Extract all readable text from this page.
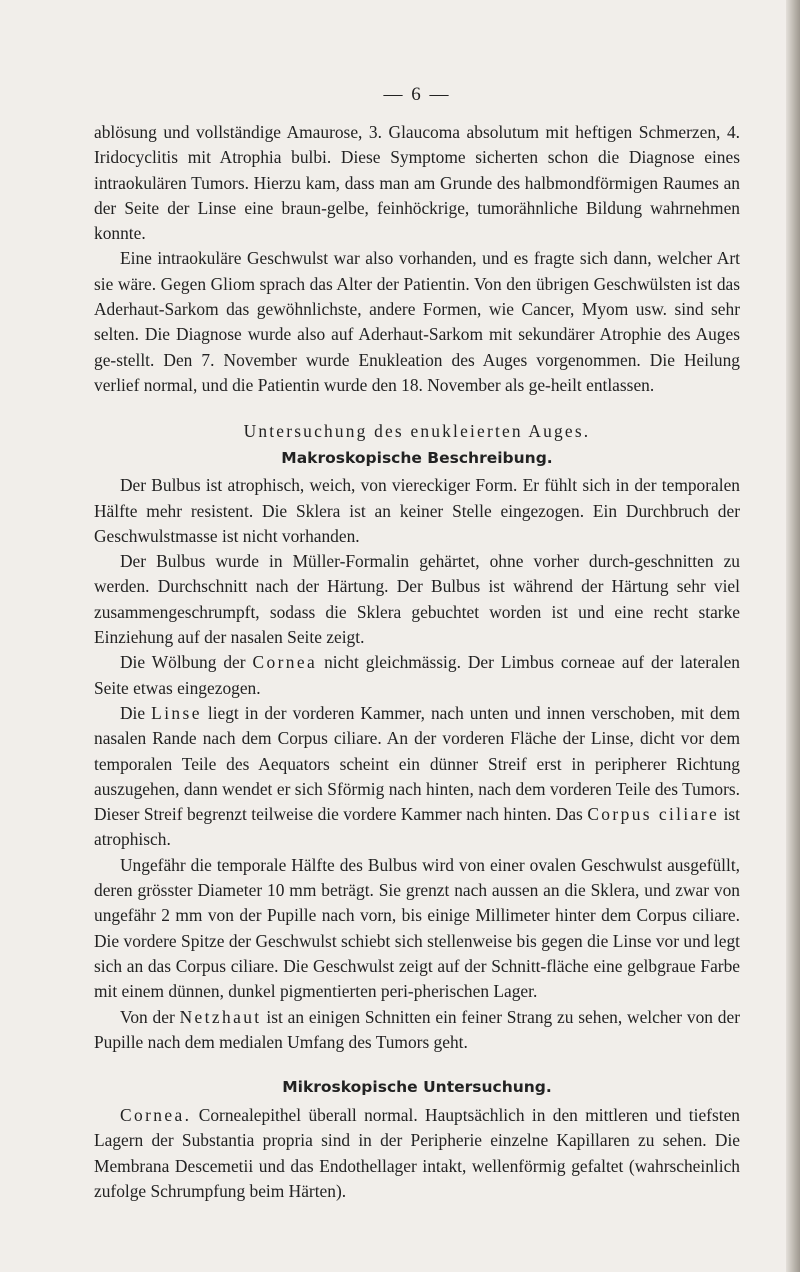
— 6 —

ablösung und vollständige Amaurose, 3. Glaucoma absolutum mit heftigen Schmerzen, 4. Iridocyclitis mit Atrophia bulbi. Diese Symptome sicherten schon die Diagnose eines intraokulären Tumors. Hierzu kam, dass man am Grunde des halbmondförmigen Raumes an der Seite der Linse eine braun-gelbe, feinhöckrige, tumorähnliche Bildung wahrnehmen konnte.

Eine intraokuläre Geschwulst war also vorhanden, und es fragte sich dann, welcher Art sie wäre. Gegen Gliom sprach das Alter der Patientin. Von den übrigen Geschwülsten ist das Aderhaut-Sarkom das gewöhnlichste, andere Formen, wie Cancer, Myom usw. sind sehr selten. Die Diagnose wurde also auf Aderhaut-Sarkom mit sekundärer Atrophie des Auges ge-stellt. Den 7. November wurde Enukleation des Auges vorgenommen. Die Heilung verlief normal, und die Patientin wurde den 18. November als ge-heilt entlassen.

Untersuchung des enukleierten Auges.
Makroskopische Beschreibung.

Der Bulbus ist atrophisch, weich, von viereckiger Form. Er fühlt sich in der temporalen Hälfte mehr resistent. Die Sklera ist an keiner Stelle eingezogen. Ein Durchbruch der Geschwulstmasse ist nicht vorhanden.

Der Bulbus wurde in Müller-Formalin gehärtet, ohne vorher durch-geschnitten zu werden. Durchschnitt nach der Härtung. Der Bulbus ist während der Härtung sehr viel zusammengeschrumpft, sodass die Sklera gebuchtet worden ist und eine recht starke Einziehung auf der nasalen Seite zeigt.

Die Wölbung der Cornea nicht gleichmässig. Der Limbus corneae auf der lateralen Seite etwas eingezogen.

Die Linse liegt in der vorderen Kammer, nach unten und innen verschoben, mit dem nasalen Rande nach dem Corpus ciliare. An der vorderen Fläche der Linse, dicht vor dem temporalen Teile des Aequators scheint ein dünner Streif erst in peripherer Richtung auszugehen, dann wendet er sich Sförmig nach hinten, nach dem vorderen Teile des Tumors. Dieser Streif begrenzt teilweise die vordere Kammer nach hinten. Das Corpus ciliare ist atrophisch.

Ungefähr die temporale Hälfte des Bulbus wird von einer ovalen Geschwulst ausgefüllt, deren grösster Diameter 10 mm beträgt. Sie grenzt nach aussen an die Sklera, und zwar von ungefähr 2 mm von der Pupille nach vorn, bis einige Millimeter hinter dem Corpus ciliare. Die vordere Spitze der Geschwulst schiebt sich stellenweise bis gegen die Linse vor und legt sich an das Corpus ciliare. Die Geschwulst zeigt auf der Schnitt-fläche eine gelbgraue Farbe mit einem dünnen, dunkel pigmentierten peri-pherischen Lager.

Von der Netzhaut ist an einigen Schnitten ein feiner Strang zu sehen, welcher von der Pupille nach dem medialen Umfang des Tumors geht.

Mikroskopische Untersuchung.

Cornea. Cornealepithel überall normal. Hauptsächlich in den mittleren und tiefsten Lagern der Substantia propria sind in der Peripherie einzelne Kapillaren zu sehen. Die Membrana Descemetii und das Endothellager intakt, wellenförmig gefaltet (wahrscheinlich zufolge Schrumpfung beim Härten).
